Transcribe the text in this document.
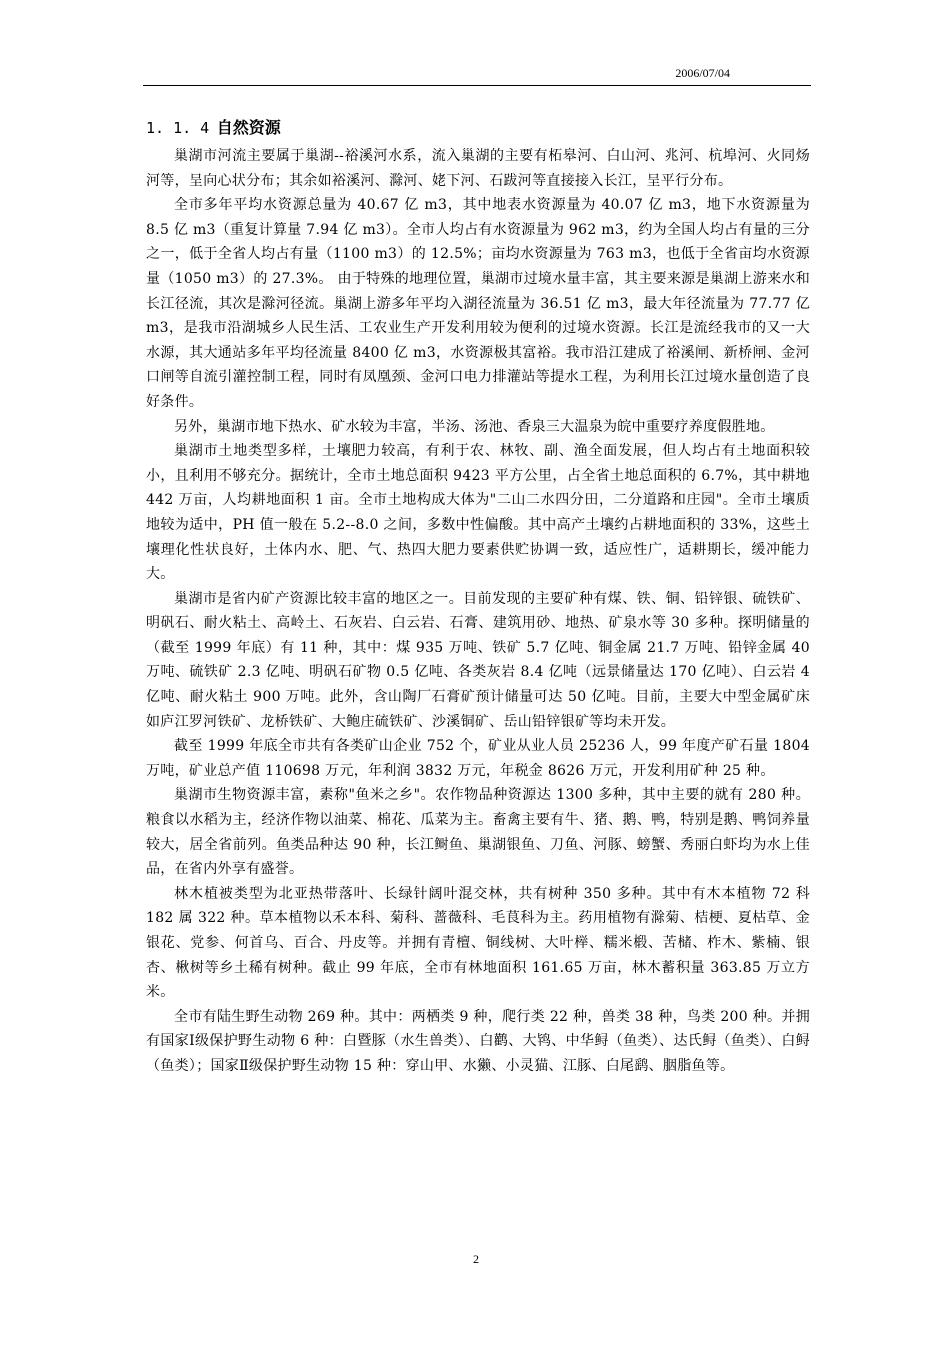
2006/07/04
1. 1. 4 自然资源

巢湖市河流主要属于巢湖--裕溪河水系，流入巢湖的主要有柘皋河、白山河、兆河、杭埠河、火同炀河等，呈向心状分布；其余如裕溪河、滁河、姥下河、石跋河等直接接入长江，呈平行分布。

全市多年平均水资源总量为 40.67 亿 m3，其中地表水资源量为 40.07 亿 m3，地下水资源量为 8.5 亿 m3（重复计算量 7.94 亿 m3）。全市人均占有水资源量为 962 m3，约为全国人均占有量的三分之一，低于全省人均占有量（1100 m3）的 12.5%；亩均水资源量为 763 m3，也低于全省亩均水资源量（1050 m3）的 27.3%。 由于特殊的地理位置，巢湖市过境水量丰富，其主要来源是巢湖上游来水和长江径流，其次是滁河径流。巢湖上游多年平均入湖径流量为 36.51 亿 m3，最大年径流量为 77.77 亿 m3，是我市沿湖城乡人民生活、工农业生产开发利用较为便利的过境水资源。长江是流经我市的又一大水源，其大通站多年平均径流量 8400 亿 m3，水资源极其富裕。我市沿江建成了裕溪闸、新桥闸、金河口闸等自流引灌控制工程，同时有凤凰颈、金河口电力排灌站等提水工程，为利用长江过境水量创造了良好条件。

另外，巢湖市地下热水、矿水较为丰富，半汤、汤池、香泉三大温泉为皖中重要疗养度假胜地。

巢湖市土地类型多样，土壤肥力较高，有利于农、林牧、副、渔全面发展，但人均占有土地面积较小，且利用不够充分。据统计，全市土地总面积 9423 平方公里，占全省土地总面积的 6.7%，其中耕地 442 万亩，人均耕地面积 1 亩。全市土地构成大体为"二山二水四分田，二分道路和庄园"。全市土壤质地较为适中，PH 值一般在 5.2--8.0 之间，多数中性偏酸。其中高产土壤约占耕地面积的 33%，这些土壤理化性状良好，土体内水、肥、气、热四大肥力要素供贮协调一致，适应性广，适耕期长，缓冲能力大。

巢湖市是省内矿产资源比较丰富的地区之一。目前发现的主要矿种有煤、铁、铜、铅锌银、硫铁矿、明矾石、耐火粘土、高岭土、石灰岩、白云岩、石膏、建筑用砂、地热、矿泉水等 30 多种。探明储量的（截至 1999 年底）有 11 种，其中：煤 935 万吨、铁矿 5.7 亿吨、铜金属 21.7 万吨、铅锌金属 40 万吨、硫铁矿 2.3 亿吨、明矾石矿物 0.5 亿吨、各类灰岩 8.4 亿吨（远景储量达 170 亿吨）、白云岩 4 亿吨、耐火粘土 900 万吨。此外，含山陶厂石膏矿预计储量可达 50 亿吨。目前，主要大中型金属矿床如庐江罗河铁矿、龙桥铁矿、大鲍庄硫铁矿、沙溪铜矿、岳山铅锌银矿等均未开发。

截至 1999 年底全市共有各类矿山企业 752 个，矿业从业人员 25236 人，99 年度产矿石量 1804 万吨，矿业总产值 110698 万元，年利润 3832 万元，年税金 8626 万元，开发利用矿种 25 种。

巢湖市生物资源丰富，素称"鱼米之乡"。农作物品种资源达 1300 多种，其中主要的就有 280 种。粮食以水稻为主，经济作物以油菜、棉花、瓜菜为主。畜禽主要有牛、猪、鹅、鸭，特别是鹅、鸭饲养量较大，居全省前列。鱼类品种达 90 种，长江鲥鱼、巢湖银鱼、刀鱼、河豚、螃蟹、秀丽白虾均为水上佳品，在省内外享有盛誉。

林木植被类型为北亚热带落叶、长绿针阔叶混交林，共有树种 350 多种。其中有木本植物 72 科 182 属 322 种。草本植物以禾本科、菊科、蔷薇科、毛茛科为主。药用植物有滁菊、桔梗、夏枯草、金银花、党参、何首乌、百合、丹皮等。并拥有青檀、铜线树、大叶榉、糯米椴、苦槠、柞木、紫楠、银杏、楸树等乡土稀有树种。截止 99 年底，全市有林地面积 161.65 万亩，林木蓄积量 363.85 万立方米。

全市有陆生野生动物 269 种。其中：两栖类 9 种，爬行类 22 种，兽类 38 种，鸟类 200 种。并拥有国家Ⅰ级保护野生动物 6 种：白暨豚（水生兽类）、白鹳、大鸨、中华鲟（鱼类）、达氏鲟（鱼类）、白鲟（鱼类）；国家Ⅱ级保护野生动物 15 种：穿山甲、水獭、小灵猫、江豚、白尾鹞、胭脂鱼等。

2
